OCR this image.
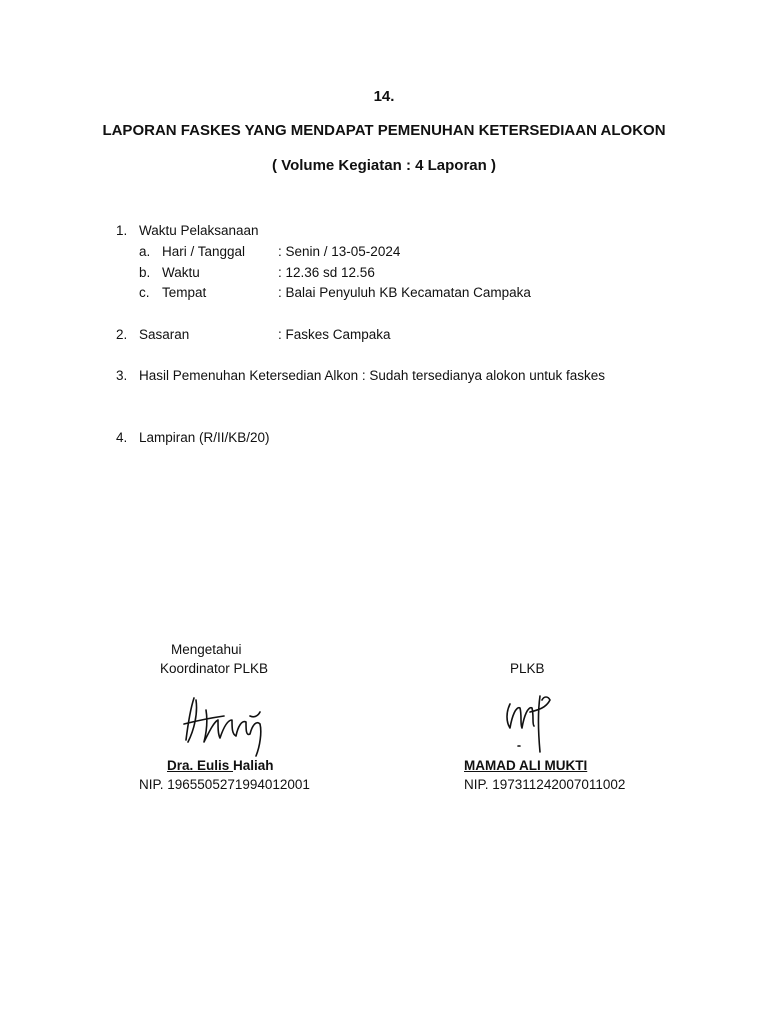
14.
LAPORAN FASKES YANG MENDAPAT PEMENUHAN KETERSEDIAAN ALOKON
( Volume Kegiatan : 4 Laporan )
1. Waktu Pelaksanaan
a. Hari / Tanggal : Senin / 13-05-2024
b. Waktu	: 12.36 sd 12.56
c. Tempat	: Balai Penyuluh KB Kecamatan Campaka
2. Sasaran	: Faskes Campaka
3. Hasil Pemenuhan Ketersedian Alkon : Sudah tersedianya alokon untuk faskes
4. Lampiran (R/II/KB/20)
Mengetahui
Koordinator PLKB
Dra. Eulis Haliah
NIP. 1965505271994012001
PLKB
MAMAD ALI MUKTI
NIP. 197311242007011002
